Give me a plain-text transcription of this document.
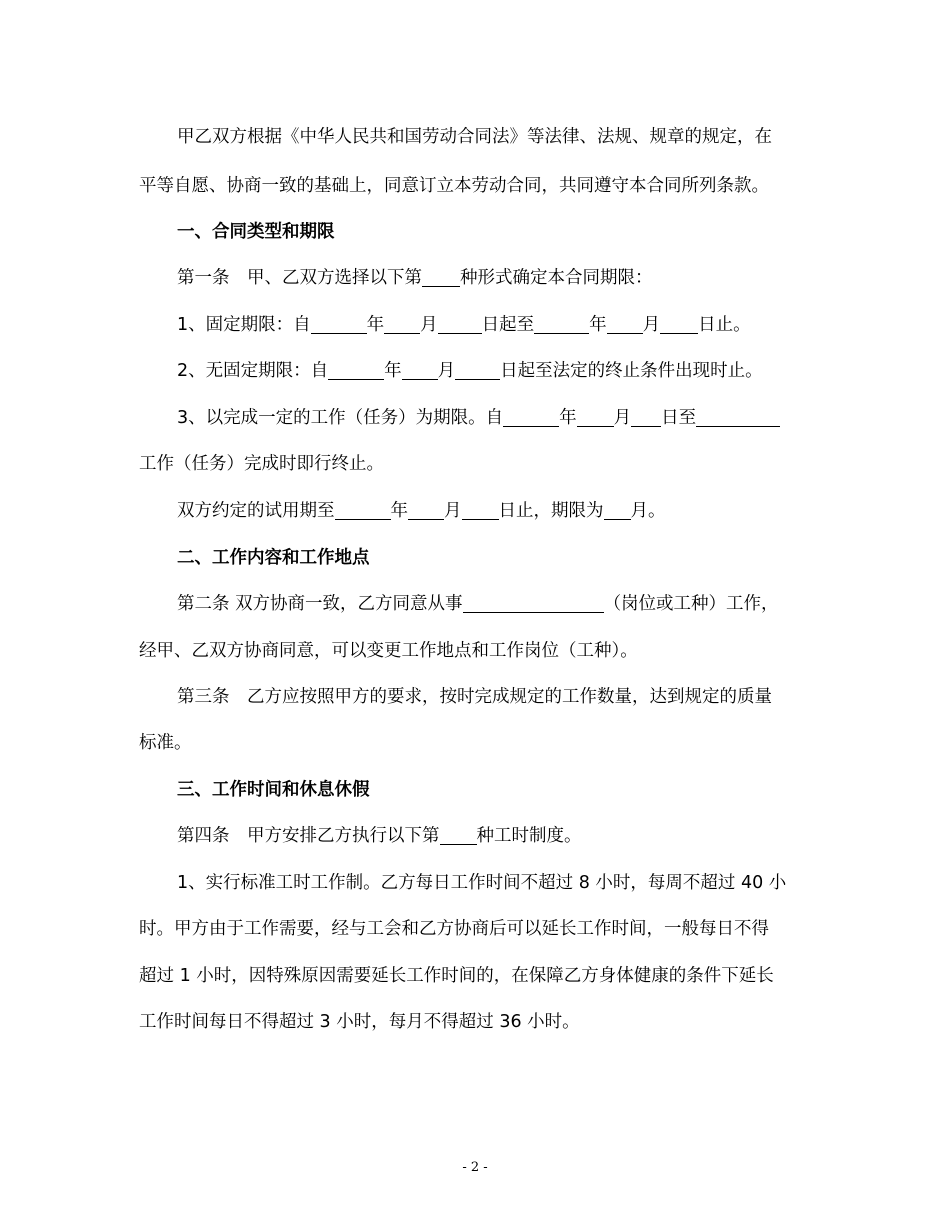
甲乙双方根据《中华人民共和国劳动合同法》等法律、法规、规章的规定，在
平等自愿、协商一致的基础上，同意订立本劳动合同，共同遵守本合同所列条款。
一、合同类型和期限
第一条　甲、乙双方选择以下第 种形式确定本合同期限：
1、固定期限：自	年 月	日起至	年 月 日止。
2、无固定期限：自	年 月	日起至法定的终止条件出现时止。
3、以完成一定的工作（任务）为期限。自	年 月 日至
工作（任务）完成时即行终止。
双方约定的试用期至	年 月 日止，期限为 月。
二、工作内容和工作地点
第二条 双方协商一致，乙方同意从事	（岗位或工种）工作，
经甲、乙双方协商同意，可以变更工作地点和工作岗位（工种）。
第三条　乙方应按照甲方的要求，按时完成规定的工作数量，达到规定的质量
标准。
三、工作时间和休息休假
第四条　甲方安排乙方执行以下第 种工时制度。
1、实行标准工时工作制。乙方每日工作时间不超过 8 小时，每周不超过 40 小
时。甲方由于工作需要，经与工会和乙方协商后可以延长工作时间，一般每日不得
超过 1 小时，因特殊原因需要延长工作时间的，在保障乙方身体健康的条件下延长
工作时间每日不得超过 3 小时，每月不得超过 36 小时。
- 2 -
